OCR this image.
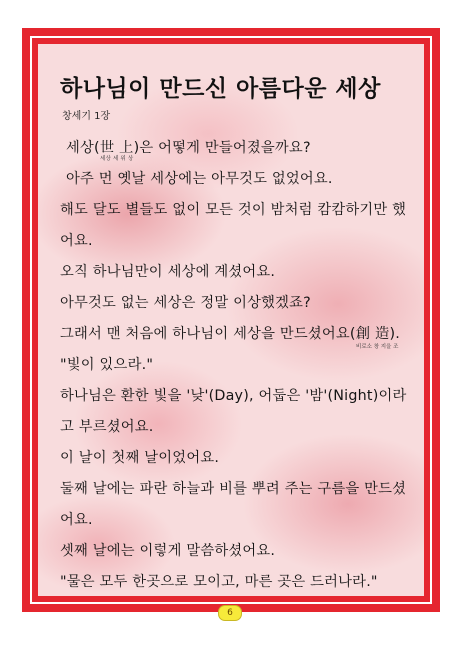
하나님이 만드신 아름다운 세상
창세기 1장
세상(世 上
세상 세 위 상
)은 어떻게 만들어졌을까요?
아주 먼 옛날 세상에는 아무것도 없었어요.
해도 달도 별들도 없이 모든 것이 밤처럼 캄캄하기만 했
어요.
오직 하나님만이 세상에 계셨어요.
아무것도 없는 세상은 정말 이상했겠죠?
그래서 맨 처음에 하나님이 세상을 만드셨어요(創 造).
비로소 창 지을 조
"빛이 있으라."
하나님은 환한 빛을 '낮'(Day), 어둡은 '밤'(Night)이라
고 부르셨어요.
이 날이 첫째 날이었어요.
둘째 날에는 파란 하늘과 비를 뿌려 주는 구름을 만드셨
어요.
셋째 날에는 이렇게 말씀하셨어요.
"물은 모두 한곳으로 모이고, 마른 곳은 드러나라."
6
